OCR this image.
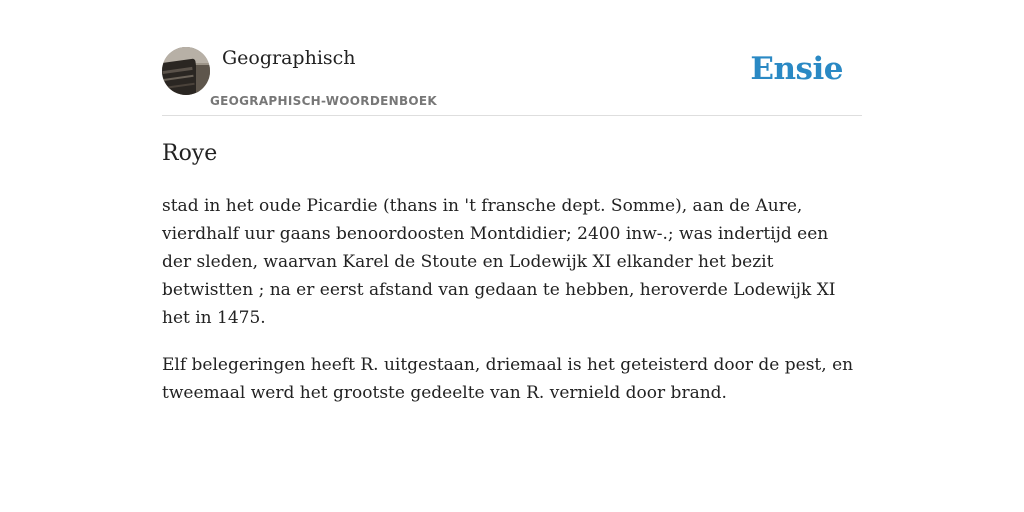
Geographisch
GEOGRAPHISCH-WOORDENBOEK
Ensie
Roye

stad in het oude Picardie (thans in 't fransche dept. Somme), aan de Aure, vierdhalf uur gaans benoordoosten Montdidier; 2400 inw-.; was indertijd een der sleden, waarvan Karel de Stoute en Lodewijk XI elkander het bezit betwistten ; na er eerst afstand van gedaan te hebben, heroverde Lodewijk XI het in 1475.

Elf belegeringen heeft R. uitgestaan, driemaal is het geteisterd door de pest, en tweemaal werd het grootste gedeelte van R. vernield door brand.
